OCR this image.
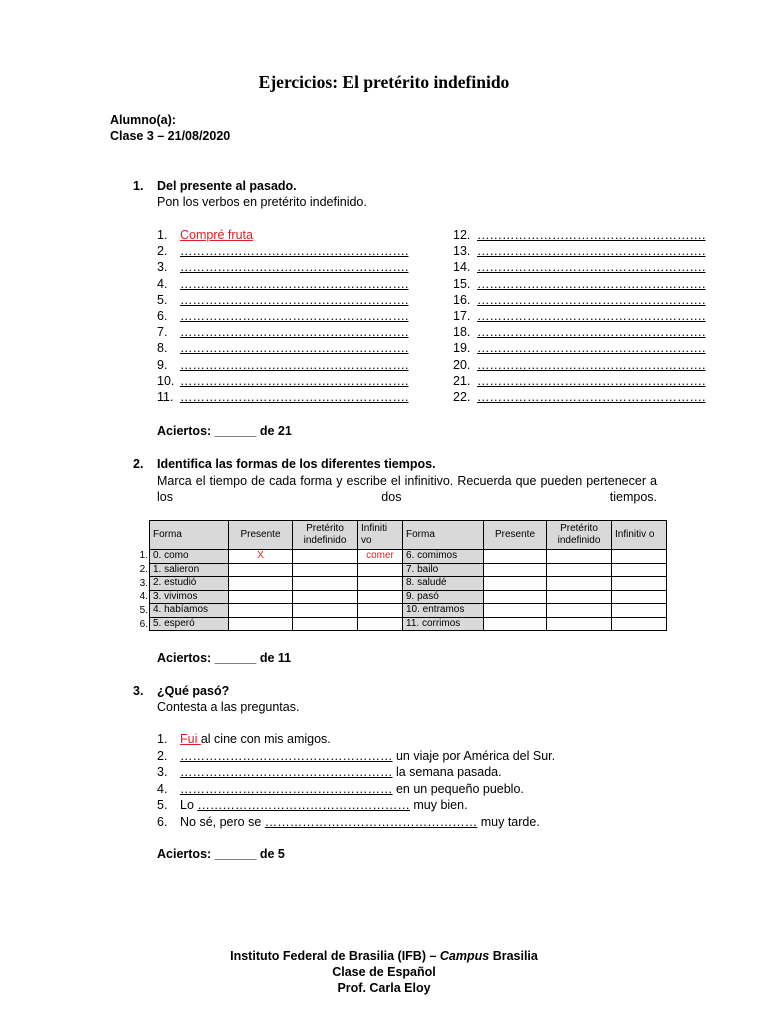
Ejercicios: El pretérito indefinido
Alumno(a):
Clase 3 – 21/08/2020
1. Del presente al pasado.
Pon los verbos en pretérito indefinido.
1. Compré fruta
2. ……………………………………………….
3. ……………………………………………….
4. ……………………………………………….
5. ……………………………………………….
6. ……………………………………………….
7. ……………………………………………….
8. ……………………………………………….
9. ……………………………………………….
10. ……………………………………………….
11. ……………………………………………….
12. ……………………………………………….
13. ……………………………………………….
14. ……………………………………………….
15. ……………………………………………….
16. ……………………………………………….
17. ……………………………………………….
18. ……………………………………………….
19. ……………………………………………….
20. ……………………………………………….
21. ……………………………………………….
22. ……………………………………………….
Aciertos: ______ de 21
2. Identifica las formas de los diferentes tiempos.
Marca el tiempo de cada forma y escribe el infinitivo. Recuerda que pueden pertenecer a los dos tiempos.
Forma	Presente	Pretérito indefinido	Infiniti vo	Forma	Presente	Pretérito indefinido	Infinitiv o
0. como	X		comer	6. comimos			
1. salieron				7. bailo			
2. estudió				8. saludé			
3. vivimos				9. pasó			
4. habíamos				10. entramos			
5. esperó				11. corrimos			
1.
2.
3.
4.
5.
6.
Aciertos: ______ de 11
3. ¿Qué pasó?
Contesta a las preguntas.
1. Fui al cine con mis amigos.
2. …………………………………………… un viaje por América del Sur.
3. …………………………………………… la semana pasada.
4. …………………………………………… en un pequeño pueblo.
5. Lo …………………………………………… muy bien.
6. No sé, pero se …………………………………………… muy tarde.
Aciertos: ______ de 5
Instituto Federal de Brasilia (IFB) – Campus Brasilia
Clase de Español
Prof. Carla Eloy
